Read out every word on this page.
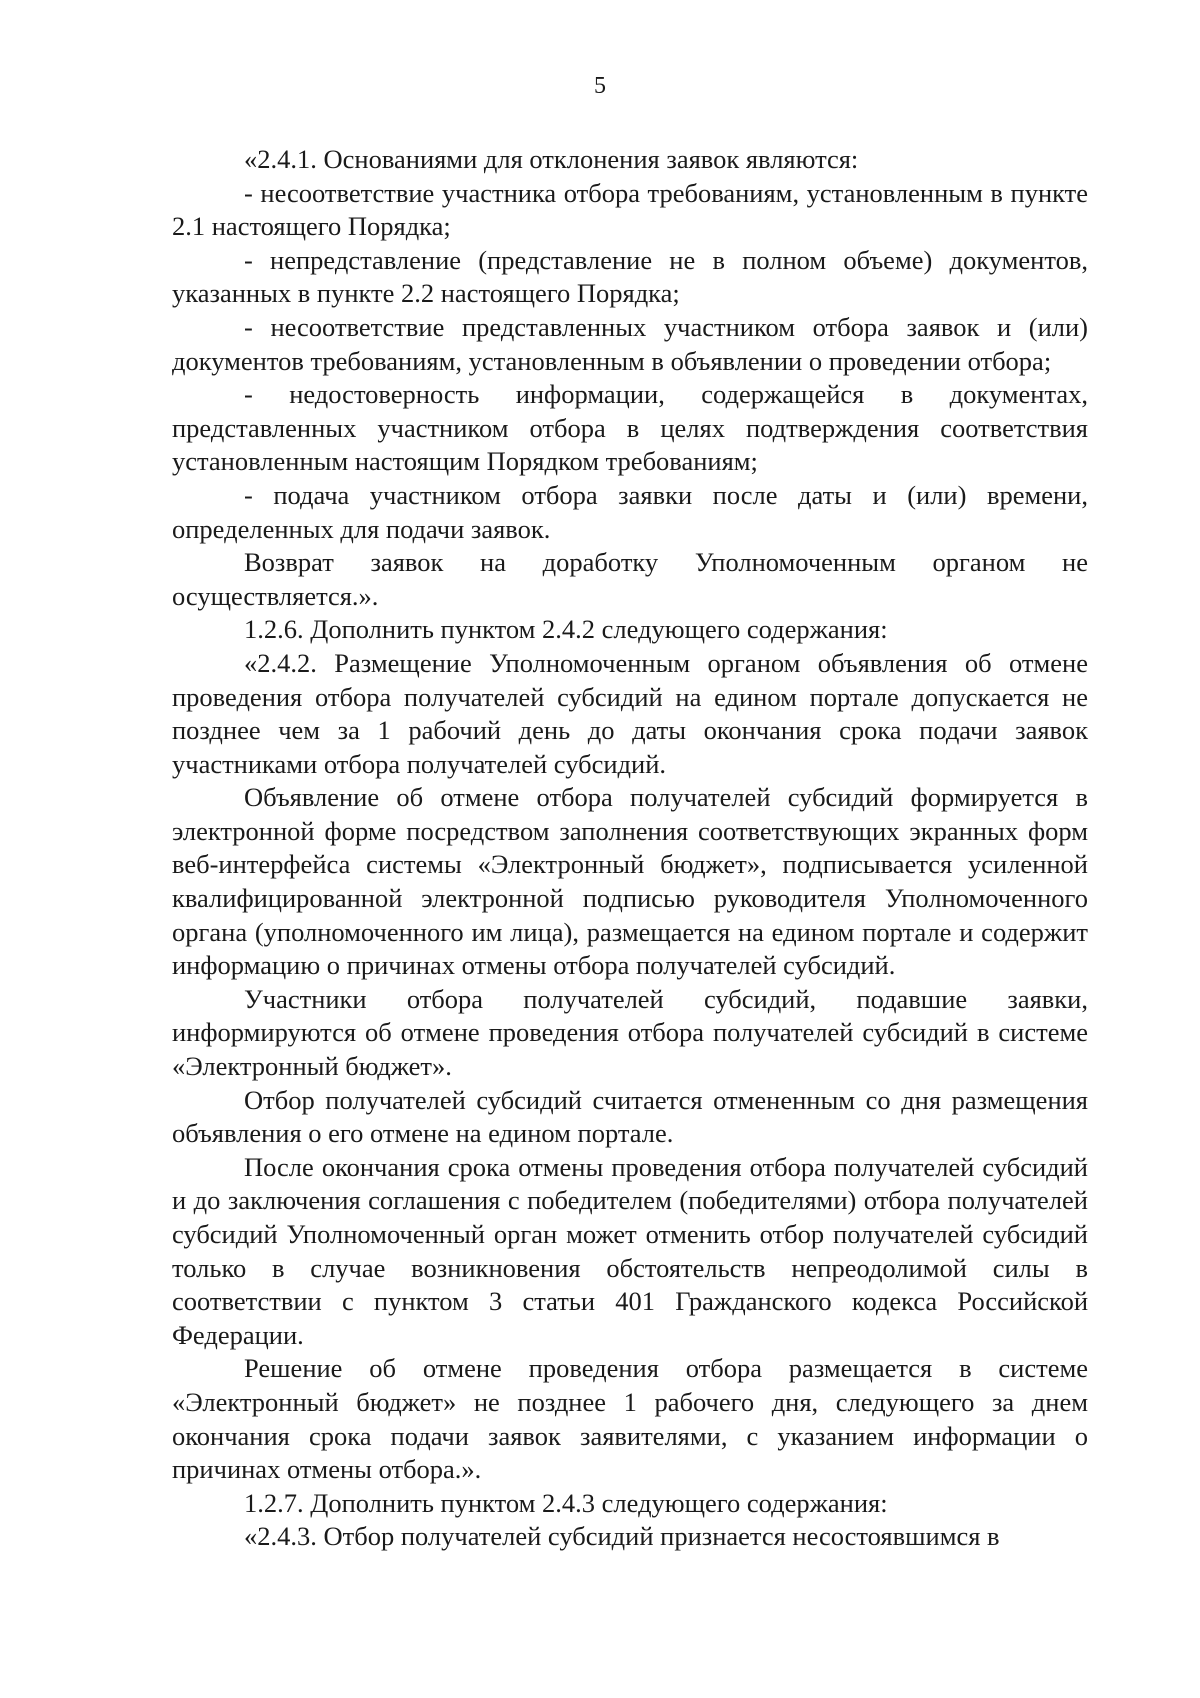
5

«2.4.1. Основаниями для отклонения заявок являются:

- несоответствие участника отбора требованиям, установленным в пункте 2.1 настоящего Порядка;

- непредставление (представление не в полном объеме) документов, указанных в пункте 2.2 настоящего Порядка;

- несоответствие представленных участником отбора заявок и (или) документов требованиям, установленным в объявлении о проведении отбора;

- недостоверность информации, содержащейся в документах, представленных участником отбора в целях подтверждения соответствия установленным настоящим Порядком требованиям;

- подача участником отбора заявки после даты и (или) времени, определенных для подачи заявок.

Возврат заявок на доработку Уполномоченным органом не осуществляется.».

1.2.6. Дополнить пунктом 2.4.2 следующего содержания:

«2.4.2. Размещение Уполномоченным органом объявления об отмене проведения отбора получателей субсидий на едином портале допускается не позднее чем за 1 рабочий день до даты окончания срока подачи заявок участниками отбора получателей субсидий.

Объявление об отмене отбора получателей субсидий формируется в электронной форме посредством заполнения соответствующих экранных форм веб-интерфейса системы «Электронный бюджет», подписывается усиленной квалифицированной электронной подписью руководителя Уполномоченного органа (уполномоченного им лица), размещается на едином портале и содержит информацию о причинах отмены отбора получателей субсидий.

Участники отбора получателей субсидий, подавшие заявки, информируются об отмене проведения отбора получателей субсидий в системе «Электронный бюджет».

Отбор получателей субсидий считается отмененным со дня размещения объявления о его отмене на едином портале.

После окончания срока отмены проведения отбора получателей субсидий и до заключения соглашения с победителем (победителями) отбора получателей субсидий Уполномоченный орган может отменить отбор получателей субсидий только в случае возникновения обстоятельств непреодолимой силы в соответствии с пунктом 3 статьи 401 Гражданского кодекса Российской Федерации.

Решение об отмене проведения отбора размещается в системе «Электронный бюджет» не позднее 1 рабочего дня, следующего за днем окончания срока подачи заявок заявителями, с указанием информации о причинах отмены отбора.».

1.2.7. Дополнить пунктом 2.4.3 следующего содержания:

«2.4.3. Отбор получателей субсидий признается несостоявшимся в
